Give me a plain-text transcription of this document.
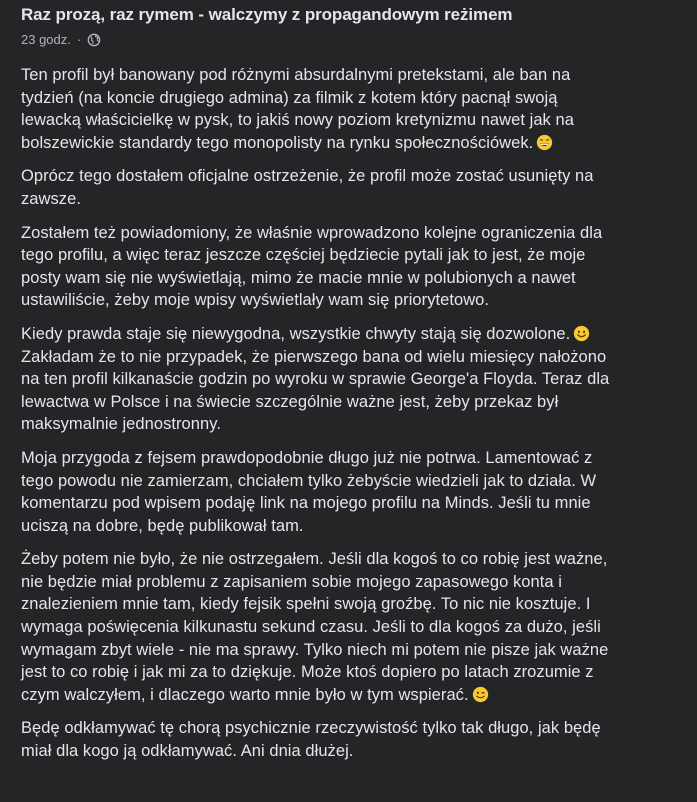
Raz prozą, raz rymem - walczymy z propagandowym reżimem
23 godz. ·
Ten profil był banowany pod różnymi absurdalnymi pretekstami, ale ban na
tydzień (na koncie drugiego admina) za filmik z kotem który pacnął swoją
lewacką właścicielkę w pysk, to jakiś nowy poziom kretynizmu nawet jak na
bolszewickie standardy tego monopolisty na rynku społecznościówek.
Oprócz tego dostałem oficjalne ostrzeżenie, że profil może zostać usunięty na
zawsze.
Zostałem też powiadomiony, że właśnie wprowadzono kolejne ograniczenia dla
tego profilu, a więc teraz jeszcze częściej będziecie pytali jak to jest, że moje
posty wam się nie wyświetlają, mimo że macie mnie w polubionych a nawet
ustawiliście, żeby moje wpisy wyświetlały wam się priorytetowo.
Kiedy prawda staje się niewygodna, wszystkie chwyty stają się dozwolone.
Zakładam że to nie przypadek, że pierwszego bana od wielu miesięcy nałożono
na ten profil kilkanaście godzin po wyroku w sprawie George'a Floyda. Teraz dla
lewactwa w Polsce i na świecie szczególnie ważne jest, żeby przekaz był
maksymalnie jednostronny.
Moja przygoda z fejsem prawdopodobnie długo już nie potrwa. Lamentować z
tego powodu nie zamierzam, chciałem tylko żebyście wiedzieli jak to działa. W
komentarzu pod wpisem podaję link na mojego profilu na Minds. Jeśli tu mnie
uciszą na dobre, będę publikował tam.
Żeby potem nie było, że nie ostrzegałem. Jeśli dla kogoś to co robię jest ważne,
nie będzie miał problemu z zapisaniem sobie mojego zapasowego konta i
znalezieniem mnie tam, kiedy fejsik spełni swoją groźbę. To nic nie kosztuje. I
wymaga poświęcenia kilkunastu sekund czasu. Jeśli to dla kogoś za dużo, jeśli
wymagam zbyt wiele - nie ma sprawy. Tylko niech mi potem nie pisze jak ważne
jest to co robię i jak mi za to dziękuje. Może ktoś dopiero po latach zrozumie z
czym walczyłem, i dlaczego warto mnie było w tym wspierać.
Będę odkłamywać tę chorą psychicznie rzeczywistość tylko tak długo, jak będę
miał dla kogo ją odkłamywać. Ani dnia dłużej.
